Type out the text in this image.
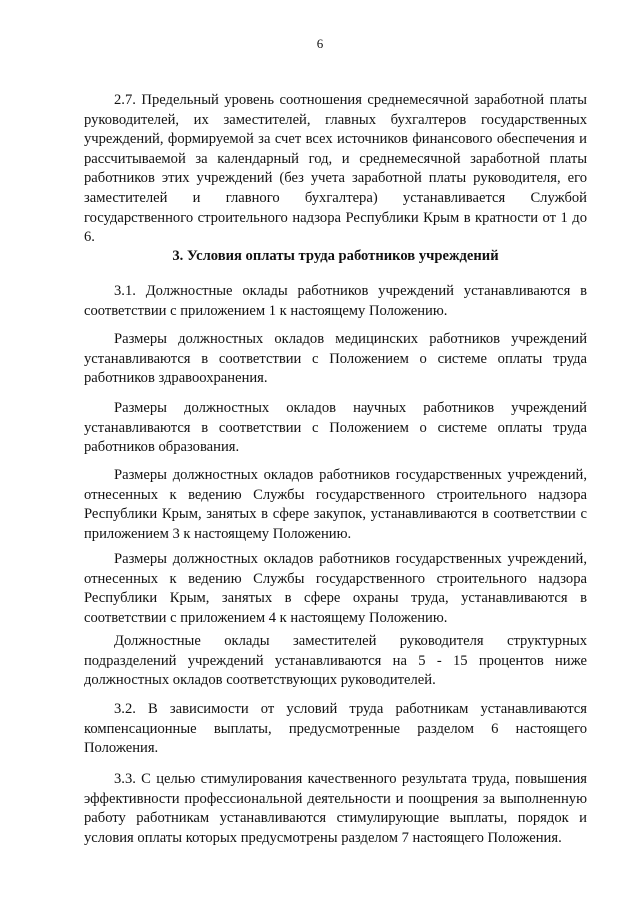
6

2.7. Предельный уровень соотношения среднемесячной заработной платы руководителей, их заместителей, главных бухгалтеров государственных учреждений, формируемой за счет всех источников финансового обеспечения и рассчитываемой за календарный год, и среднемесячной заработной платы работников этих учреждений (без учета заработной платы руководителя, его заместителей и главного бухгалтера) устанавливается Службой государственного строительного надзора Республики Крым в кратности от 1 до 6.

3. Условия оплаты труда работников учреждений

3.1. Должностные оклады работников учреждений устанавливаются в соответствии с приложением 1 к настоящему Положению.

Размеры должностных окладов медицинских работников учреждений устанавливаются в соответствии с Положением о системе оплаты труда работников здравоохранения.

Размеры должностных окладов научных работников учреждений устанавливаются в соответствии с Положением о системе оплаты труда работников образования.

Размеры должностных окладов работников государственных учреждений, отнесенных к ведению Службы государственного строительного надзора Республики Крым, занятых в сфере закупок, устанавливаются в соответствии с приложением 3 к настоящему Положению.

Размеры должностных окладов работников государственных учреждений, отнесенных к ведению Службы государственного строительного надзора Республики Крым, занятых в сфере охраны труда, устанавливаются в соответствии с приложением 4 к настоящему Положению.

Должностные оклады заместителей руководителя структурных подразделений учреждений устанавливаются на 5 - 15 процентов ниже должностных окладов соответствующих руководителей.

3.2. В зависимости от условий труда работникам устанавливаются компенсационные выплаты, предусмотренные разделом 6 настоящего Положения.

3.3. С целью стимулирования качественного результата труда, повышения эффективности профессиональной деятельности и поощрения за выполненную работу работникам устанавливаются стимулирующие выплаты, порядок и условия оплаты которых предусмотрены разделом 7 настоящего Положения.
